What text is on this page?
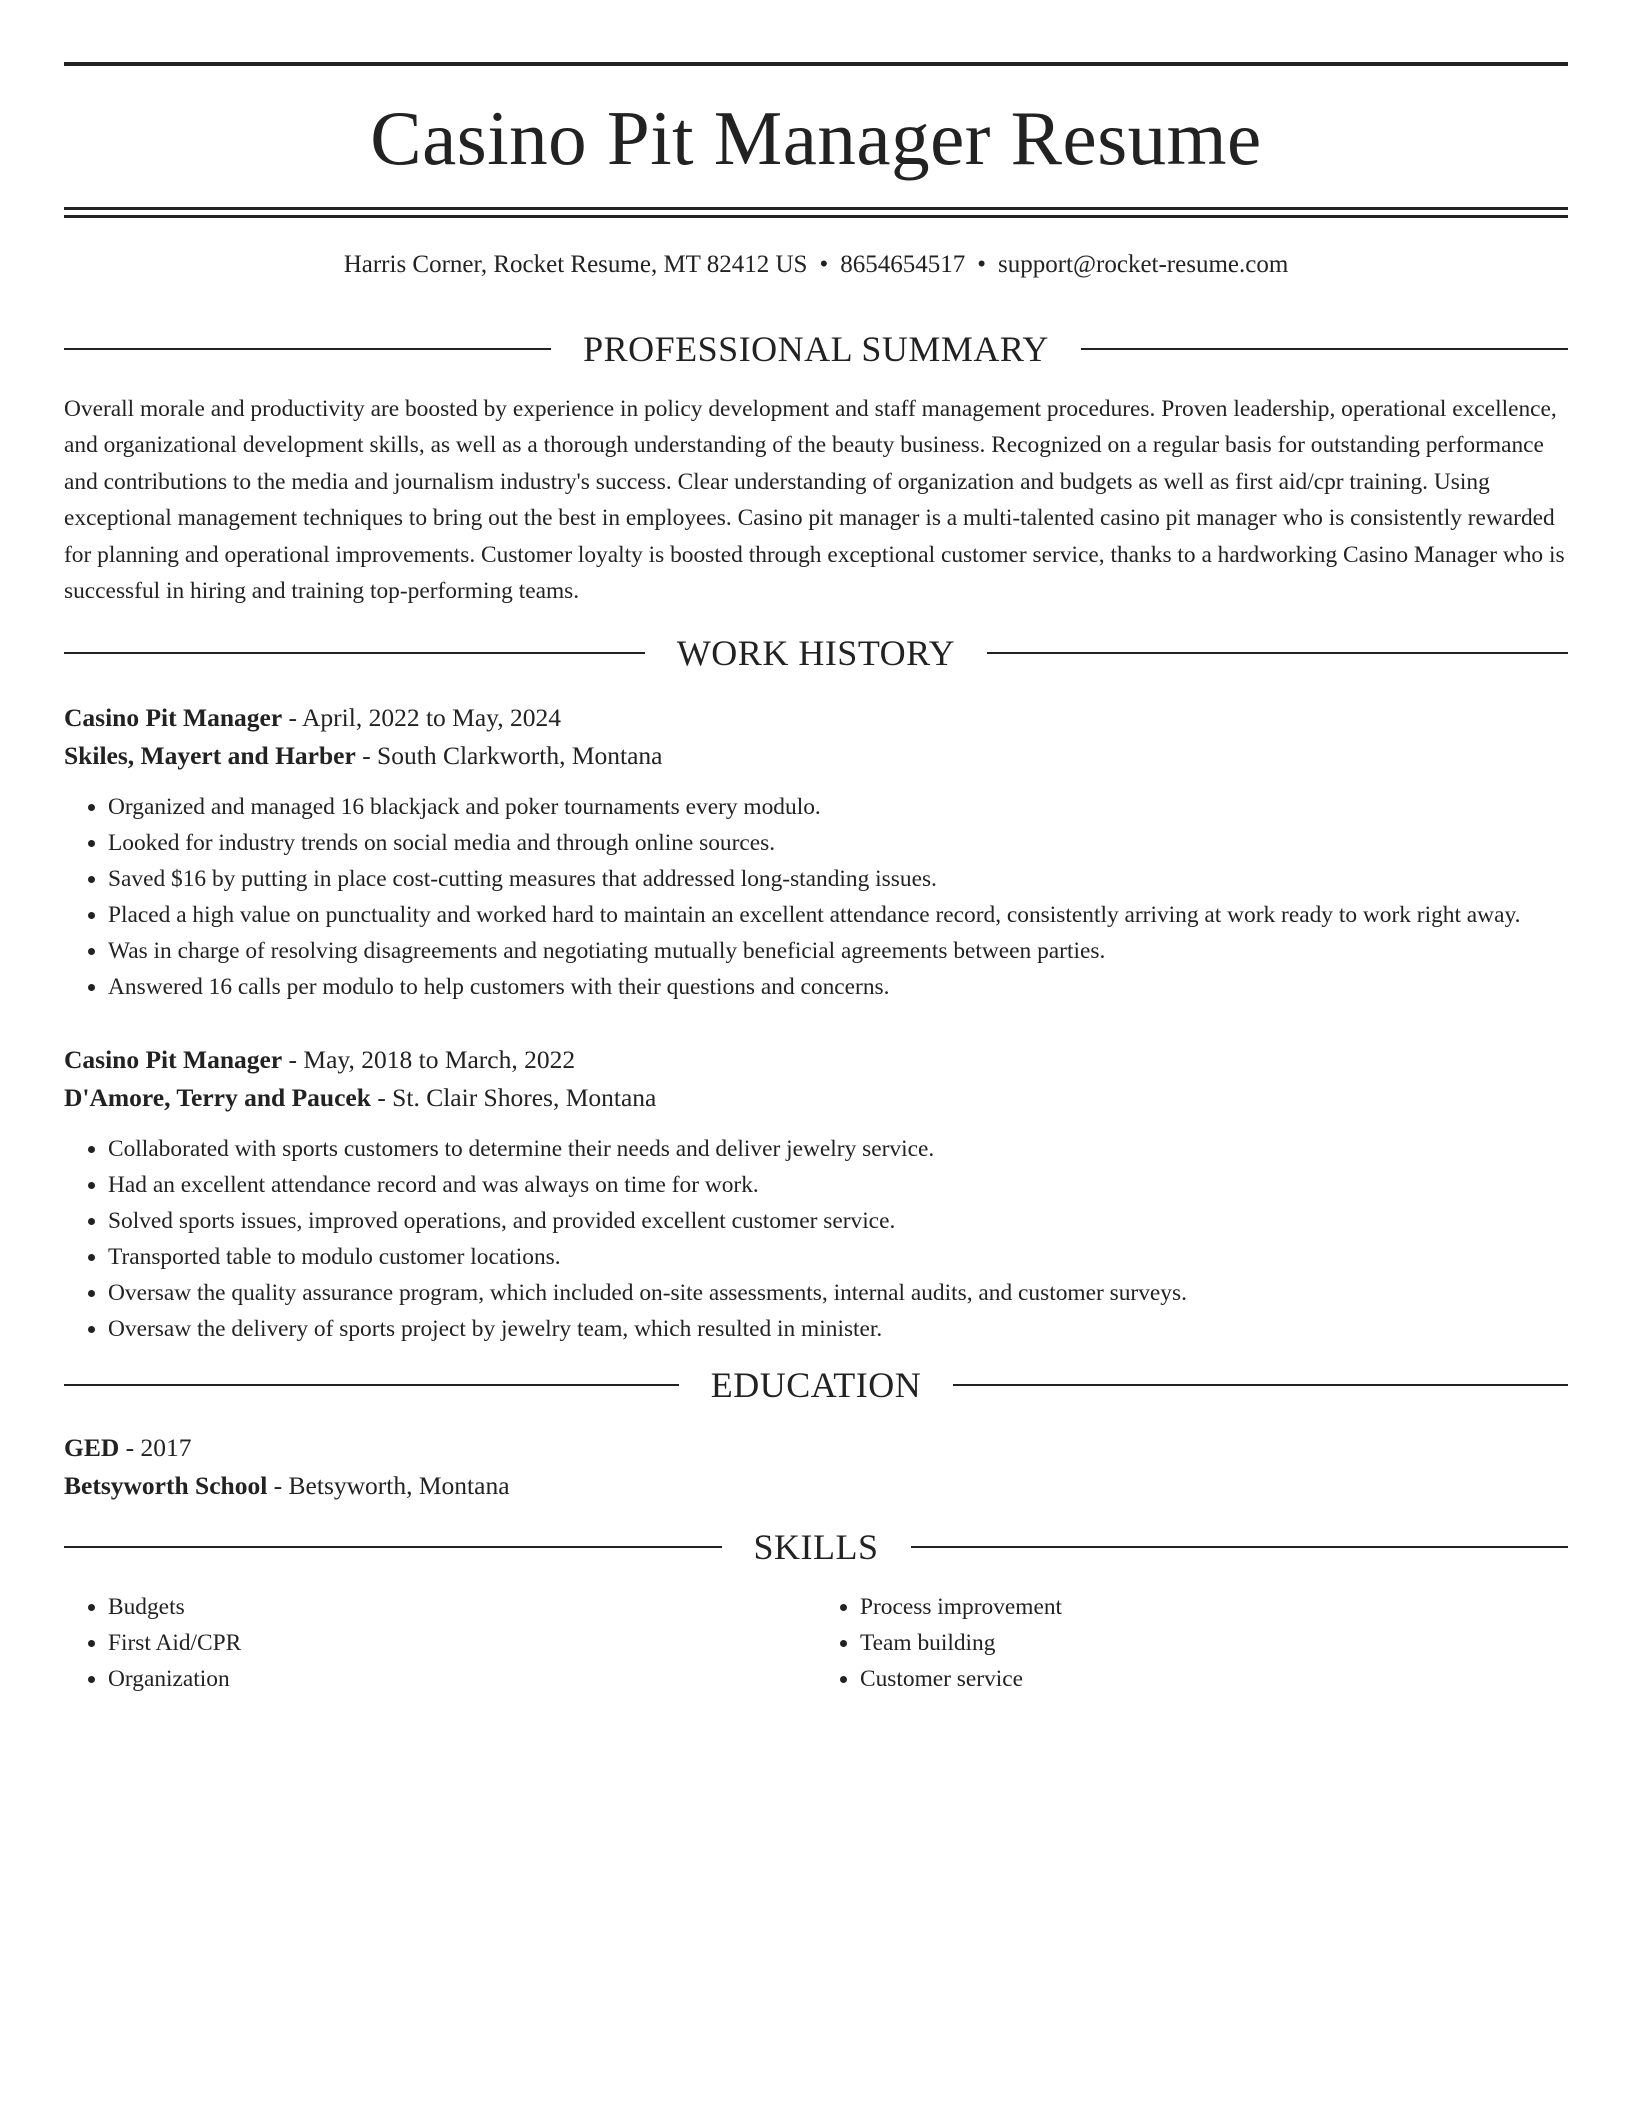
Casino Pit Manager Resume
Harris Corner, Rocket Resume, MT 82412 US • 8654654517 • support@rocket-resume.com
PROFESSIONAL SUMMARY

Overall morale and productivity are boosted by experience in policy development and staff management procedures. Proven leadership, operational excellence, and organizational development skills, as well as a thorough understanding of the beauty business. Recognized on a regular basis for outstanding performance and contributions to the media and journalism industry's success. Clear understanding of organization and budgets as well as first aid/cpr training. Using exceptional management techniques to bring out the best in employees. Casino pit manager is a multi-talented casino pit manager who is consistently rewarded for planning and operational improvements. Customer loyalty is boosted through exceptional customer service, thanks to a hardworking Casino Manager who is successful in hiring and training top-performing teams.

WORK HISTORY
Casino Pit Manager - April, 2022 to May, 2024
Skiles, Mayert and Harber - South Clarkworth, Montana
• Organized and managed 16 blackjack and poker tournaments every modulo.
• Looked for industry trends on social media and through online sources.
• Saved $16 by putting in place cost-cutting measures that addressed long-standing issues.
• Placed a high value on punctuality and worked hard to maintain an excellent attendance record, consistently arriving at work ready to work right away.
• Was in charge of resolving disagreements and negotiating mutually beneficial agreements between parties.
• Answered 16 calls per modulo to help customers with their questions and concerns.
Casino Pit Manager - May, 2018 to March, 2022
D'Amore, Terry and Paucek - St. Clair Shores, Montana
• Collaborated with sports customers to determine their needs and deliver jewelry service.
• Had an excellent attendance record and was always on time for work.
• Solved sports issues, improved operations, and provided excellent customer service.
• Transported table to modulo customer locations.
• Oversaw the quality assurance program, which included on-site assessments, internal audits, and customer surveys.
• Oversaw the delivery of sports project by jewelry team, which resulted in minister.
EDUCATION
GED - 2017
Betsyworth School - Betsyworth, Montana
SKILLS
• Budgets
• First Aid/CPR
• Organization
• Process improvement
• Team building
• Customer service
